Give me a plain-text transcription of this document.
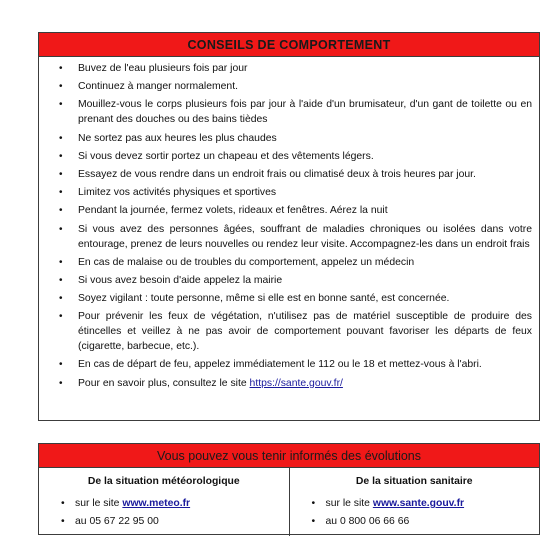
CONSEILS DE COMPORTEMENT
• Buvez de l'eau plusieurs fois par jour
• Continuez à manger normalement.
• Mouillez-vous le corps plusieurs fois par jour à l'aide d'un brumisateur, d'un gant de toilette ou en prenant des douches ou des bains tièdes
• Ne sortez pas aux heures les plus chaudes
• Si vous devez sortir portez un chapeau et des vêtements légers.
• Essayez de vous rendre dans un endroit frais ou climatisé deux à trois heures par jour.
• Limitez vos activités physiques et sportives
• Pendant la journée, fermez volets, rideaux et fenêtres. Aérez la nuit
• Si vous avez des personnes âgées, souffrant de maladies chroniques ou isolées dans votre entourage, prenez de leurs nouvelles ou rendez leur visite. Accompagnez-les dans un endroit frais
• En cas de malaise ou de troubles du comportement, appelez un médecin
• Si vous avez besoin d'aide appelez la mairie
• Soyez vigilant : toute personne, même si elle est en bonne santé, est concernée.
• Pour prévenir les feux de végétation, n'utilisez pas de matériel susceptible de produire des étincelles et veillez à ne pas avoir de comportement pouvant favoriser les départs de feux (cigarette, barbecue, etc.).
• En cas de départ de feu, appelez immédiatement le 112 ou le 18 et mettez-vous à l'abri.
• Pour en savoir plus, consultez le site https://sante.gouv.fr/
Vous pouvez vous tenir informés des évolutions
De la situation météorologique
• sur le site www.meteo.fr
• au 05 67 22 95 00
De la situation sanitaire
• sur le site www.sante.gouv.fr
• au 0 800 06 66 66
